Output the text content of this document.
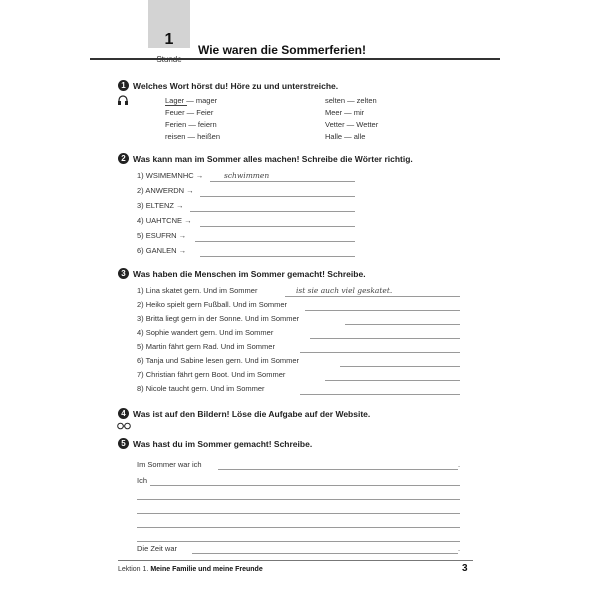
1
Wie waren die Sommerferien!
1 Welches Wort hörst du! Höre zu und unterstreiche.
Lager — mager
Feuer — Feier
Ferien — feiern
reisen — heißen
selten — zelten
Meer — mir
Vetter — Wetter
Halle — alle
2 Was kann man im Sommer alles machen! Schreibe die Wörter richtig.
1) WSIMEMNHC →	schwimmen
2) ANWERDN →
3) ELTENZ →
4) UAHTCNE →
5) ESUFRN →
6) GANLEN →
3 Was haben die Menschen im Sommer gemacht! Schreibe.
1) Lina skatet gern. Und im Sommer	ist sie auch viel geskatet.
2) Heiko spielt gern Fußball. Und im Sommer
3) Britta liegt gern in der Sonne. Und im Sommer
4) Sophie wandert gern. Und im Sommer
5) Martin fährt gern Rad. Und im Sommer
6) Tanja und Sabine lesen gern. Und im Sommer
7) Christian fährt gern Boot. Und im Sommer
8) Nicole taucht gern. Und im Sommer
4 Was ist auf den Bildern! Löse die Aufgabe auf der Website.
5 Was hast du im Sommer gemacht! Schreibe.
Im Sommer war ich	.
Ich
Die Zeit war	.
Lektion 1. Meine Familie und meine Freunde	3
